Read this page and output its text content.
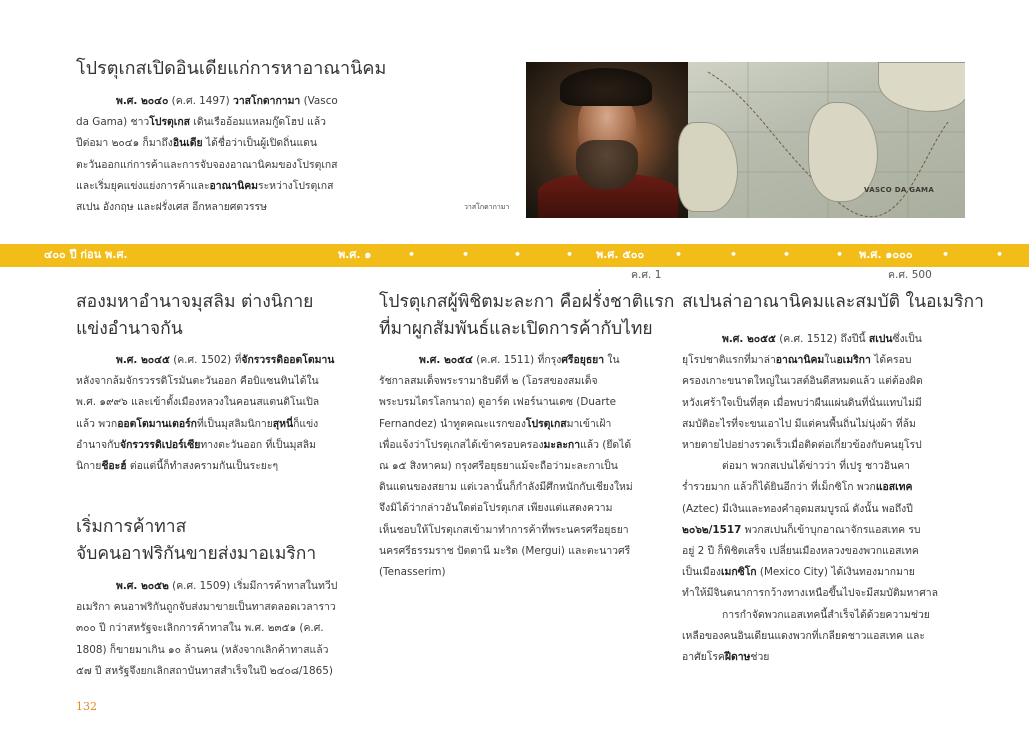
โปรตุเกสเปิดอินเดียแก่การหาอาณานิคม
พ.ศ. ๒๐๔๐ (ค.ศ. 1497) วาสโกดากามา (Vasco
da Gama) ชาวโปรตุเกส เดินเรืออ้อมแหลมกู๊ดโฮป แล้ว
ปีต่อมา ๒๐๔๑ ก็มาถึงอินเดีย ได้ชื่อว่าเป็นผู้เปิดถิ่นแดน
ตะวันออกแก่การค้าและการจับจองอาณานิคมของโปรตุเกส
และเริ่มยุคแข่งแย่งการค้าและอาณานิคมระหว่างโปรตุเกส
สเปน อังกฤษ และฝรั่งเศส อีกหลายศตวรรษ
VASCO DA GAMA
วาสโกดากามา
๔๐๐ ปี ก่อน พ.ศ.	พ.ศ. ๑	พ.ศ. ๕๐๐	พ.ศ. ๑๐๐๐
•	•	•	•	•	•	•	•	•	•
ค.ศ. 1	ค.ศ. 500
สองมหาอำนาจมุสลิม ต่างนิกาย
แข่งอำนาจกัน
พ.ศ. ๒๐๔๕ (ค.ศ. 1502) ที่จักรวรรดิออตโตมาน
หลังจากล้มจักรวรรดิโรมันตะวันออก คือบิแซนทินได้ใน
พ.ศ. ๑๙๙๖ และเข้าตั้งเมืองหลวงในคอนสแตนติโนเปิล
แล้ว พวกออตโตมานเตอร์กที่เป็นมุสลิมนิกายสุหนี่ก็แข่ง
อำนาจกับจักรวรรดิเปอร์เซียทางตะวันออก ที่เป็นมุสลิม
นิกายชีอะฮ์ ต่อแต่นี้ก็ทำสงครามกันเป็นระยะๆ
เริ่มการค้าทาส
จับคนอาฟริกันขายส่งมาอเมริกา
พ.ศ. ๒๐๕๒ (ค.ศ. 1509) เริ่มมีการค้าทาสในทวีป
อเมริกา คนอาฟริกันถูกจับส่งมาขายเป็นทาสตลอดเวลาราว
๓๐๐ ปี กว่าสหรัฐจะเลิกการค้าทาสใน พ.ศ. ๒๓๕๑ (ค.ศ.
1808) ก็ขายมาเกิน ๑๐ ล้านคน (หลังจากเลิกค้าทาสแล้ว
๕๗ ปี สหรัฐจึงยกเลิกสถาบันทาสสำเร็จในปี ๒๔๐๘/1865)
โปรตุเกสผู้พิชิตมะละกา คือฝรั่งชาติแรก
ที่มาผูกสัมพันธ์และเปิดการค้ากับไทย
พ.ศ. ๒๐๕๔ (ค.ศ. 1511) ที่กรุงศรีอยุธยา ใน
รัชกาลสมเด็จพระรามาธิบดีที่ ๒ (โอรสของสมเด็จ
พระบรมไตรโลกนาถ) ดูอาร์ต เฟอร์นานเดซ (Duarte
Fernandez) นำทูตคณะแรกของโปรตุเกสมาเข้าเฝ้า
เพื่อแจ้งว่าโปรตุเกสได้เข้าครอบครองมะละกาแล้ว (ยึดได้
ณ ๑๕ สิงหาคม) กรุงศรีอยุธยาแม้จะถือว่ามะละกาเป็น
ดินแดนของสยาม แต่เวลานั้นก็กำลังมีศึกหนักกับเชียงใหม่
จึงมิได้ว่ากล่าวอันใดต่อโปรตุเกส เพียงแต่แสดงความ
เห็นชอบให้โปรตุเกสเข้ามาทำการค้าที่พระนครศรีอยุธยา
นครศรีธรรมราช ปัตตานี มะริด (Mergui) และตะนาวศรี
(Tenasserim)
สเปนล่าอาณานิคมและสมบัติ ในอเมริกา
พ.ศ. ๒๐๕๕ (ค.ศ. 1512) ถึงปีนี้ สเปนซึ่งเป็น
ยุโรปชาติแรกที่มาล่าอาณานิคมในอเมริกา ได้ครอบ
ครองเกาะขนาดใหญ่ในเวสต์อินดีสหมดแล้ว แต่ต้องผิด
หวังเศร้าใจเป็นที่สุด เมื่อพบว่าผืนแผ่นดินที่นั่นแทบไม่มี
สมบัติอะไรที่จะขนเอาไป มีแต่คนพื้นถิ่นไม่นุ่งผ้า ที่ล้ม
หายตายไปอย่างรวดเร็วเมื่อติดต่อเกี่ยวข้องกับคนยุโรป
ต่อมา พวกสเปนได้ข่าวว่า ที่เปรู ชาวอินคา
ร่ำรวยมาก แล้วก็ได้ยินอีกว่า ที่เม็กซิโก พวกแอสเทค
(Aztec) มีเงินและทองคำอุดมสมบูรณ์ ดังนั้น พอถึงปี
๒๐๖๒/1517 พวกสเปนก็เข้าบุกอาณาจักรแอสเทค รบ
อยู่ 2 ปี ก็พิชิตเสร็จ เปลี่ยนเมืองหลวงของพวกแอสเทค
เป็นเมืองเมกซิโก (Mexico City) ได้เงินทองมากมาย
ทำให้มีจินตนาการกว้างทางเหนือขึ้นไปจะมีสมบัติมหาศาล
การกำจัดพวกแอสเทคนี้สำเร็จได้ด้วยความช่วย
เหลือของคนอินเดียนแดงพวกที่เกลียดชาวแอสเทค และ
อาศัยโรคฝีดาษช่วย
132
